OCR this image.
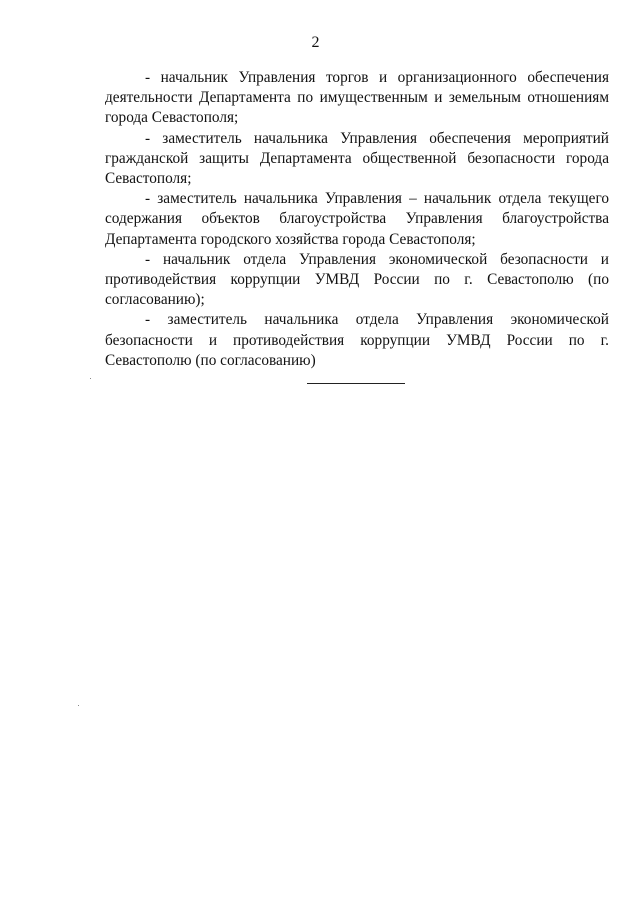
2

- начальник Управления торгов и организационного обеспечения деятельности Департамента по имущественным и земельным отношениям города Севастополя;

- заместитель начальника Управления обеспечения мероприятий гражданской защиты Департамента общественной безопасности города Севастополя;

- заместитель начальника Управления – начальник отдела текущего содержания объектов благоустройства Управления благоустройства Департамента городского хозяйства города Севастополя;

- начальник отдела Управления экономической безопасности и противодействия коррупции УМВД России по г. Севастополю (по согласованию);

- заместитель начальника отдела Управления экономической безопасности и противодействия коррупции УМВД России по г. Севастополю (по согласованию)
